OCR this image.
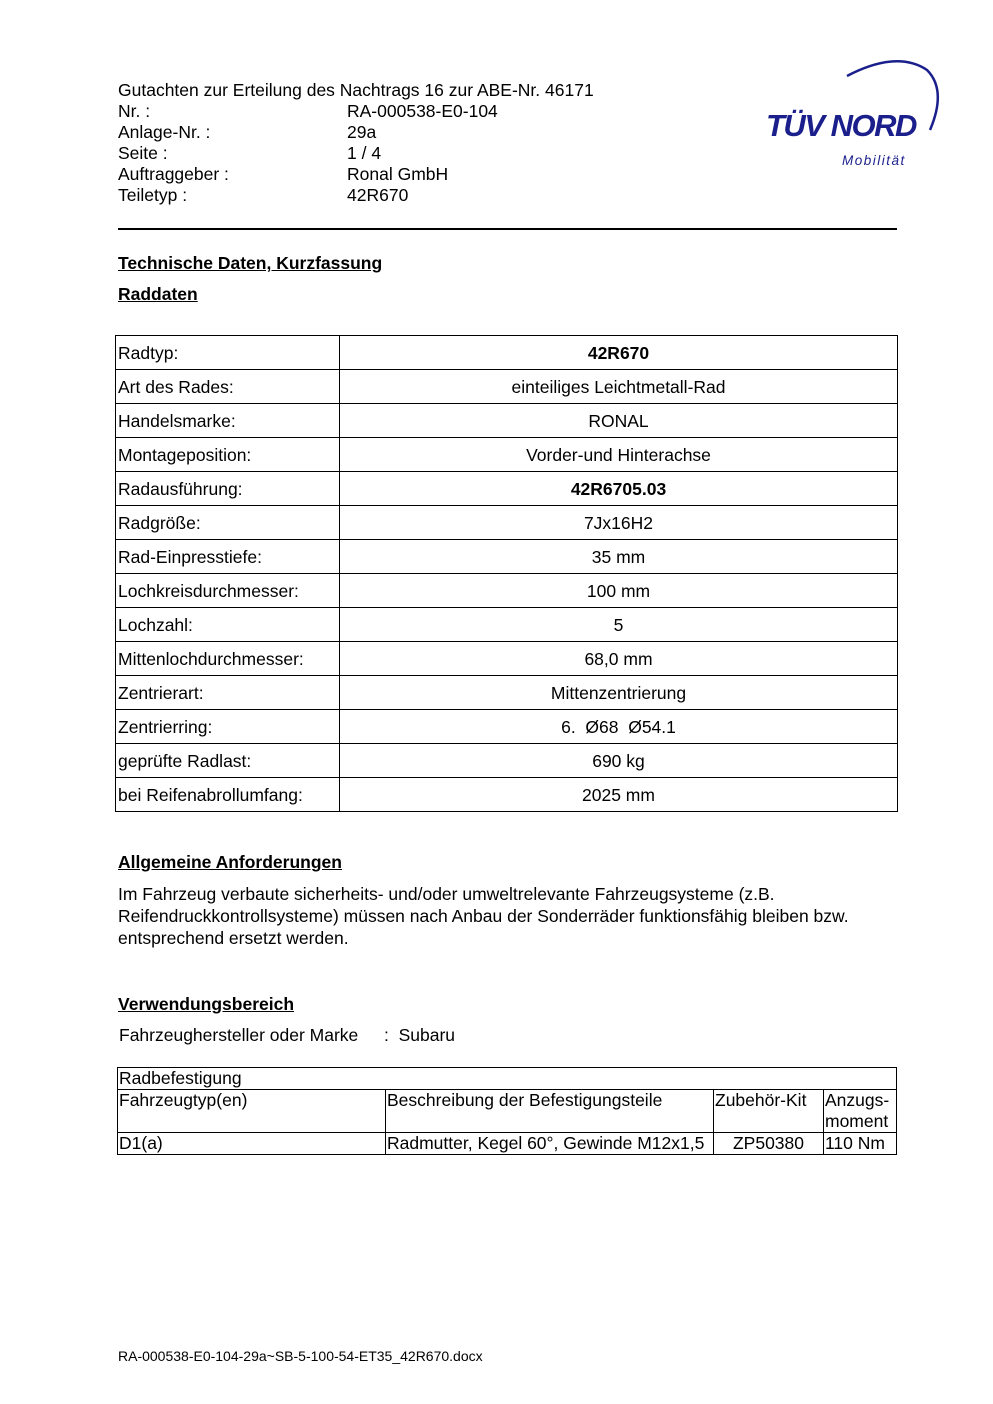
Gutachten zur Erteilung des Nachtrags 16 zur ABE-Nr. 46171
Nr. :	RA-000538-E0-104
Anlage-Nr. :	29a
Seite :	1 / 4
Auftraggeber :	Ronal GmbH
Teiletyp :	42R670
TÜV NORD
Mobilität
Technische Daten, Kurzfassung
Raddaten
Radtyp:	42R670
Art des Rades:	einteiliges Leichtmetall-Rad
Handelsmarke:	RONAL
Montageposition:	Vorder-und Hinterachse
Radausführung:	42R6705.03
Radgröße:	7Jx16H2
Rad-Einpresstiefe:	35 mm
Lochkreisdurchmesser:	100 mm
Lochzahl:	5
Mittenlochdurchmesser:	68,0 mm
Zentrierart:	Mittenzentrierung
Zentrierring:	6.  Ø68  Ø54.1
geprüfte Radlast:	690 kg
bei Reifenabrollumfang:	2025 mm
Allgemeine Anforderungen
Im Fahrzeug verbaute sicherheits- und/oder umweltrelevante Fahrzeugsysteme (z.B. Reifendruckkontrollsysteme) müssen nach Anbau der Sonderräder funktionsfähig bleiben bzw. entsprechend ersetzt werden.
Verwendungsbereich
Fahrzeughersteller oder Marke	:  Subaru
Radbefestigung			
Fahrzeugtyp(en)	Beschreibung der Befestigungsteile	Zubehör-Kit	Anzugs-
moment
D1(a)	Radmutter, Kegel 60°, Gewinde M12x1,5	ZP50380	110 Nm
RA-000538-E0-104-29a~SB-5-100-54-ET35_42R670.docx
